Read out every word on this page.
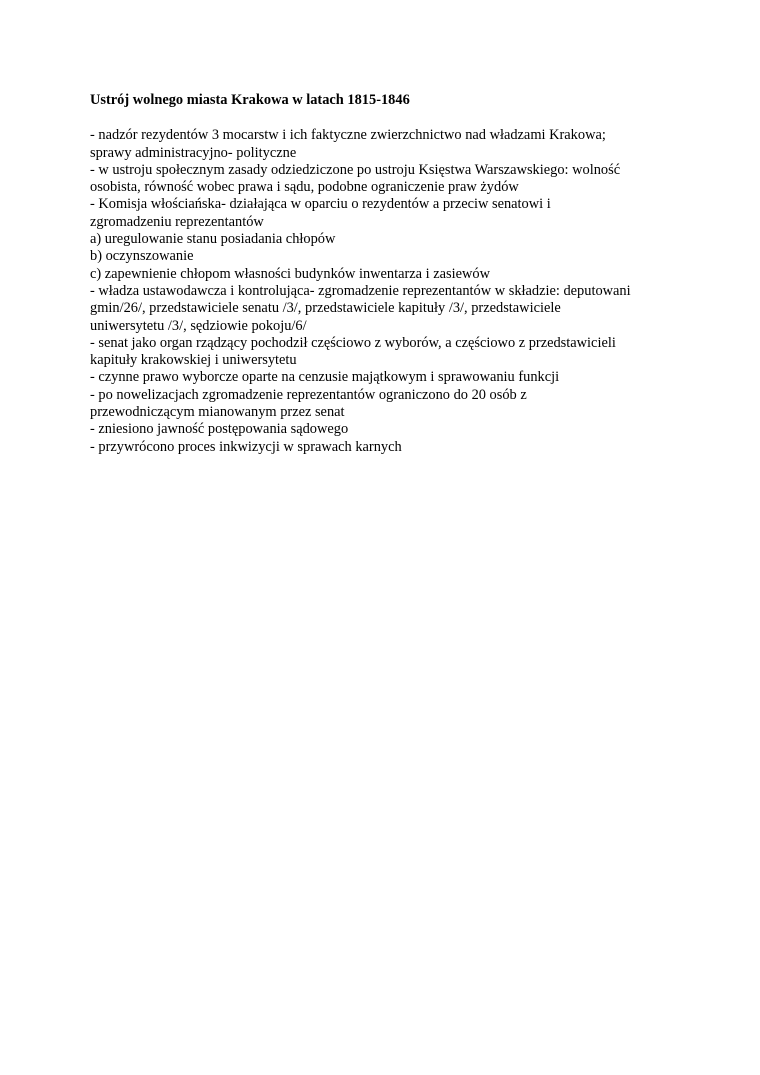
Ustrój wolnego miasta Krakowa w latach 1815-1846
- nadzór rezydentów 3 mocarstw i ich faktyczne zwierzchnictwo nad władzami Krakowa;
sprawy administracyjno- polityczne
- w ustroju społecznym zasady odziedziczone po ustroju Księstwa Warszawskiego: wolność
osobista, równość wobec prawa i sądu, podobne ograniczenie praw żydów
- Komisja włościańska- działająca w oparciu o rezydentów a przeciw senatowi i
zgromadzeniu reprezentantów
a) uregulowanie stanu posiadania chłopów
b) oczynszowanie
c) zapewnienie chłopom własności budynków inwentarza i zasiewów
- władza ustawodawcza i kontrolująca- zgromadzenie reprezentantów w składzie: deputowani
gmin/26/, przedstawiciele senatu /3/, przedstawiciele kapituły /3/, przedstawiciele
uniwersytetu /3/, sędziowie pokoju/6/
- senat jako organ rządzący pochodził częściowo z wyborów, a częściowo z przedstawicieli
kapituły krakowskiej i uniwersytetu
- czynne prawo wyborcze oparte na cenzusie majątkowym i sprawowaniu funkcji
- po nowelizacjach zgromadzenie reprezentantów ograniczono do 20 osób z
przewodniczącym mianowanym przez senat
- zniesiono jawność postępowania sądowego
- przywrócono proces inkwizycji w sprawach karnych
